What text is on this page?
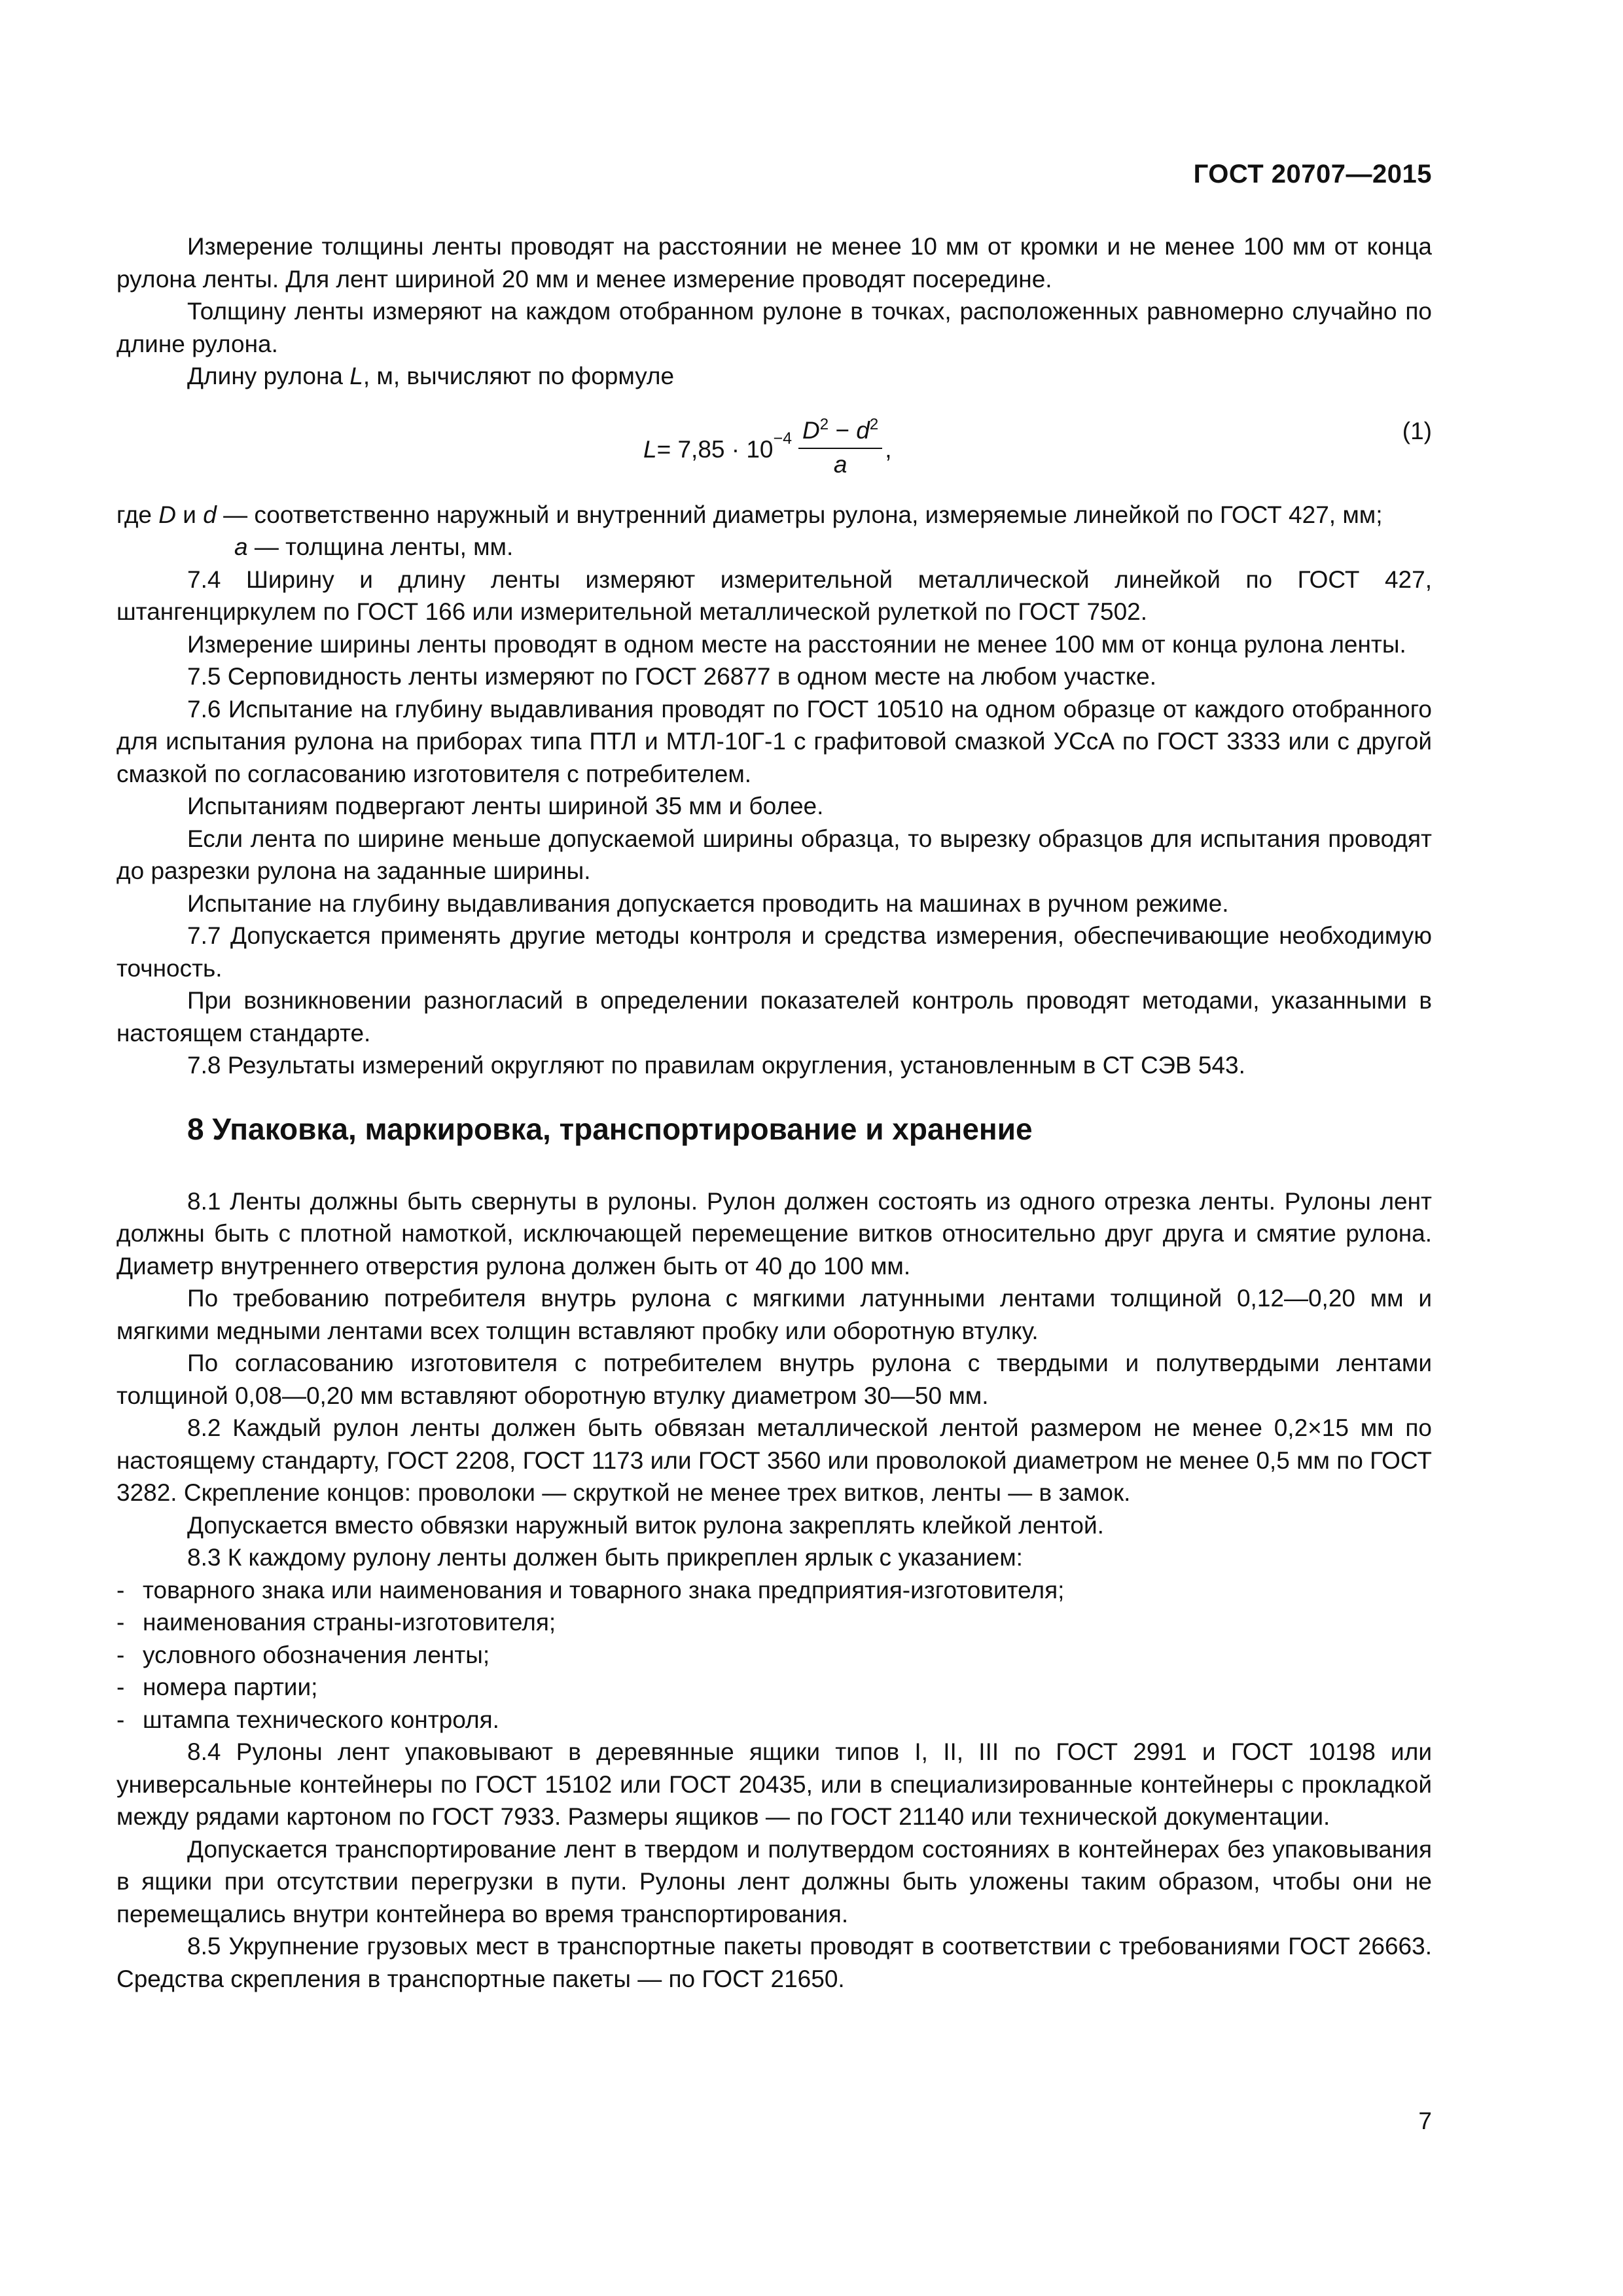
ГОСТ 20707—2015

Измерение толщины ленты проводят на расстоянии не менее 10 мм от кромки и не менее 100 мм от конца рулона ленты. Для лент шириной 20 мм и менее измерение проводят посередине.

Толщину ленты измеряют на каждом отобранном рулоне в точках, расположенных равномерно случайно по длине рулона.

Длину рулона L, м, вычисляют по формуле

$L = 7,85 \cdot 10 -4 \frac{D^2 - d^2}{a}$ ,
(1)

где D и d — соответственно наружный и внутренний диаметры рулона, измеряемые линейкой по ГОСТ 427, мм;

a — толщина ленты, мм.

7.4 Ширину и длину ленты измеряют измерительной металлической линейкой по ГОСТ 427, штангенциркулем по ГОСТ 166 или измерительной металлической рулеткой по ГОСТ 7502.

Измерение ширины ленты проводят в одном месте на расстоянии не менее 100 мм от конца рулона ленты.

7.5 Серповидность ленты измеряют по ГОСТ 26877 в одном месте на любом участке.

7.6 Испытание на глубину выдавливания проводят по ГОСТ 10510 на одном образце от каждого отобранного для испытания рулона на приборах типа ПТЛ и МТЛ-10Г-1 с графитовой смазкой УСсА по ГОСТ 3333 или с другой смазкой по согласованию изготовителя с потребителем.

Испытаниям подвергают ленты шириной 35 мм и более.

Если лента по ширине меньше допускаемой ширины образца, то вырезку образцов для испытания проводят до разрезки рулона на заданные ширины.

Испытание на глубину выдавливания допускается проводить на машинах в ручном режиме.

7.7 Допускается применять другие методы контроля и средства измерения, обеспечивающие необходимую точность.

При возникновении разногласий в определении показателей контроль проводят методами, указанными в настоящем стандарте.

7.8 Результаты измерений округляют по правилам округления, установленным в СТ СЭВ 543.

8 Упаковка, маркировка, транспортирование и хранение

8.1 Ленты должны быть свернуты в рулоны. Рулон должен состоять из одного отрезка ленты. Рулоны лент должны быть с плотной намоткой, исключающей перемещение витков относительно друг друга и смятие рулона. Диаметр внутреннего отверстия рулона должен быть от 40 до 100 мм.

По требованию потребителя внутрь рулона с мягкими латунными лентами толщиной 0,12—0,20 мм и мягкими медными лентами всех толщин вставляют пробку или оборотную втулку.

По согласованию изготовителя с потребителем внутрь рулона с твердыми и полутвердыми лентами толщиной 0,08—0,20 мм вставляют оборотную втулку диаметром 30—50 мм.

8.2 Каждый рулон ленты должен быть обвязан металлической лентой размером не менее 0,2×15 мм по настоящему стандарту, ГОСТ 2208, ГОСТ 1173 или ГОСТ 3560 или проволокой диаметром не менее 0,5 мм по ГОСТ 3282. Скрепление концов: проволоки — скруткой не менее трех витков, ленты — в замок.

Допускается вместо обвязки наружный виток рулона закреплять клейкой лентой.

8.3 К каждому рулону ленты должен быть прикреплен ярлык с указанием:

- товарного знака или наименования и товарного знака предприятия-изготовителя;
- наименования страны-изготовителя;
- условного обозначения ленты;
- номера партии;
- штампа технического контроля.

8.4 Рулоны лент упаковывают в деревянные ящики типов I, II, III по ГОСТ 2991 и ГОСТ 10198 или универсальные контейнеры по ГОСТ 15102 или ГОСТ 20435, или в специализированные контейнеры с прокладкой между рядами картоном по ГОСТ 7933. Размеры ящиков — по ГОСТ 21140 или технической документации.

Допускается транспортирование лент в твердом и полутвердом состояниях в контейнерах без упаковывания в ящики при отсутствии перегрузки в пути. Рулоны лент должны быть уложены таким образом, чтобы они не перемещались внутри контейнера во время транспортирования.

8.5 Укрупнение грузовых мест в транспортные пакеты проводят в соответствии с требованиями ГОСТ 26663. Средства скрепления в транспортные пакеты — по ГОСТ 21650.

7
